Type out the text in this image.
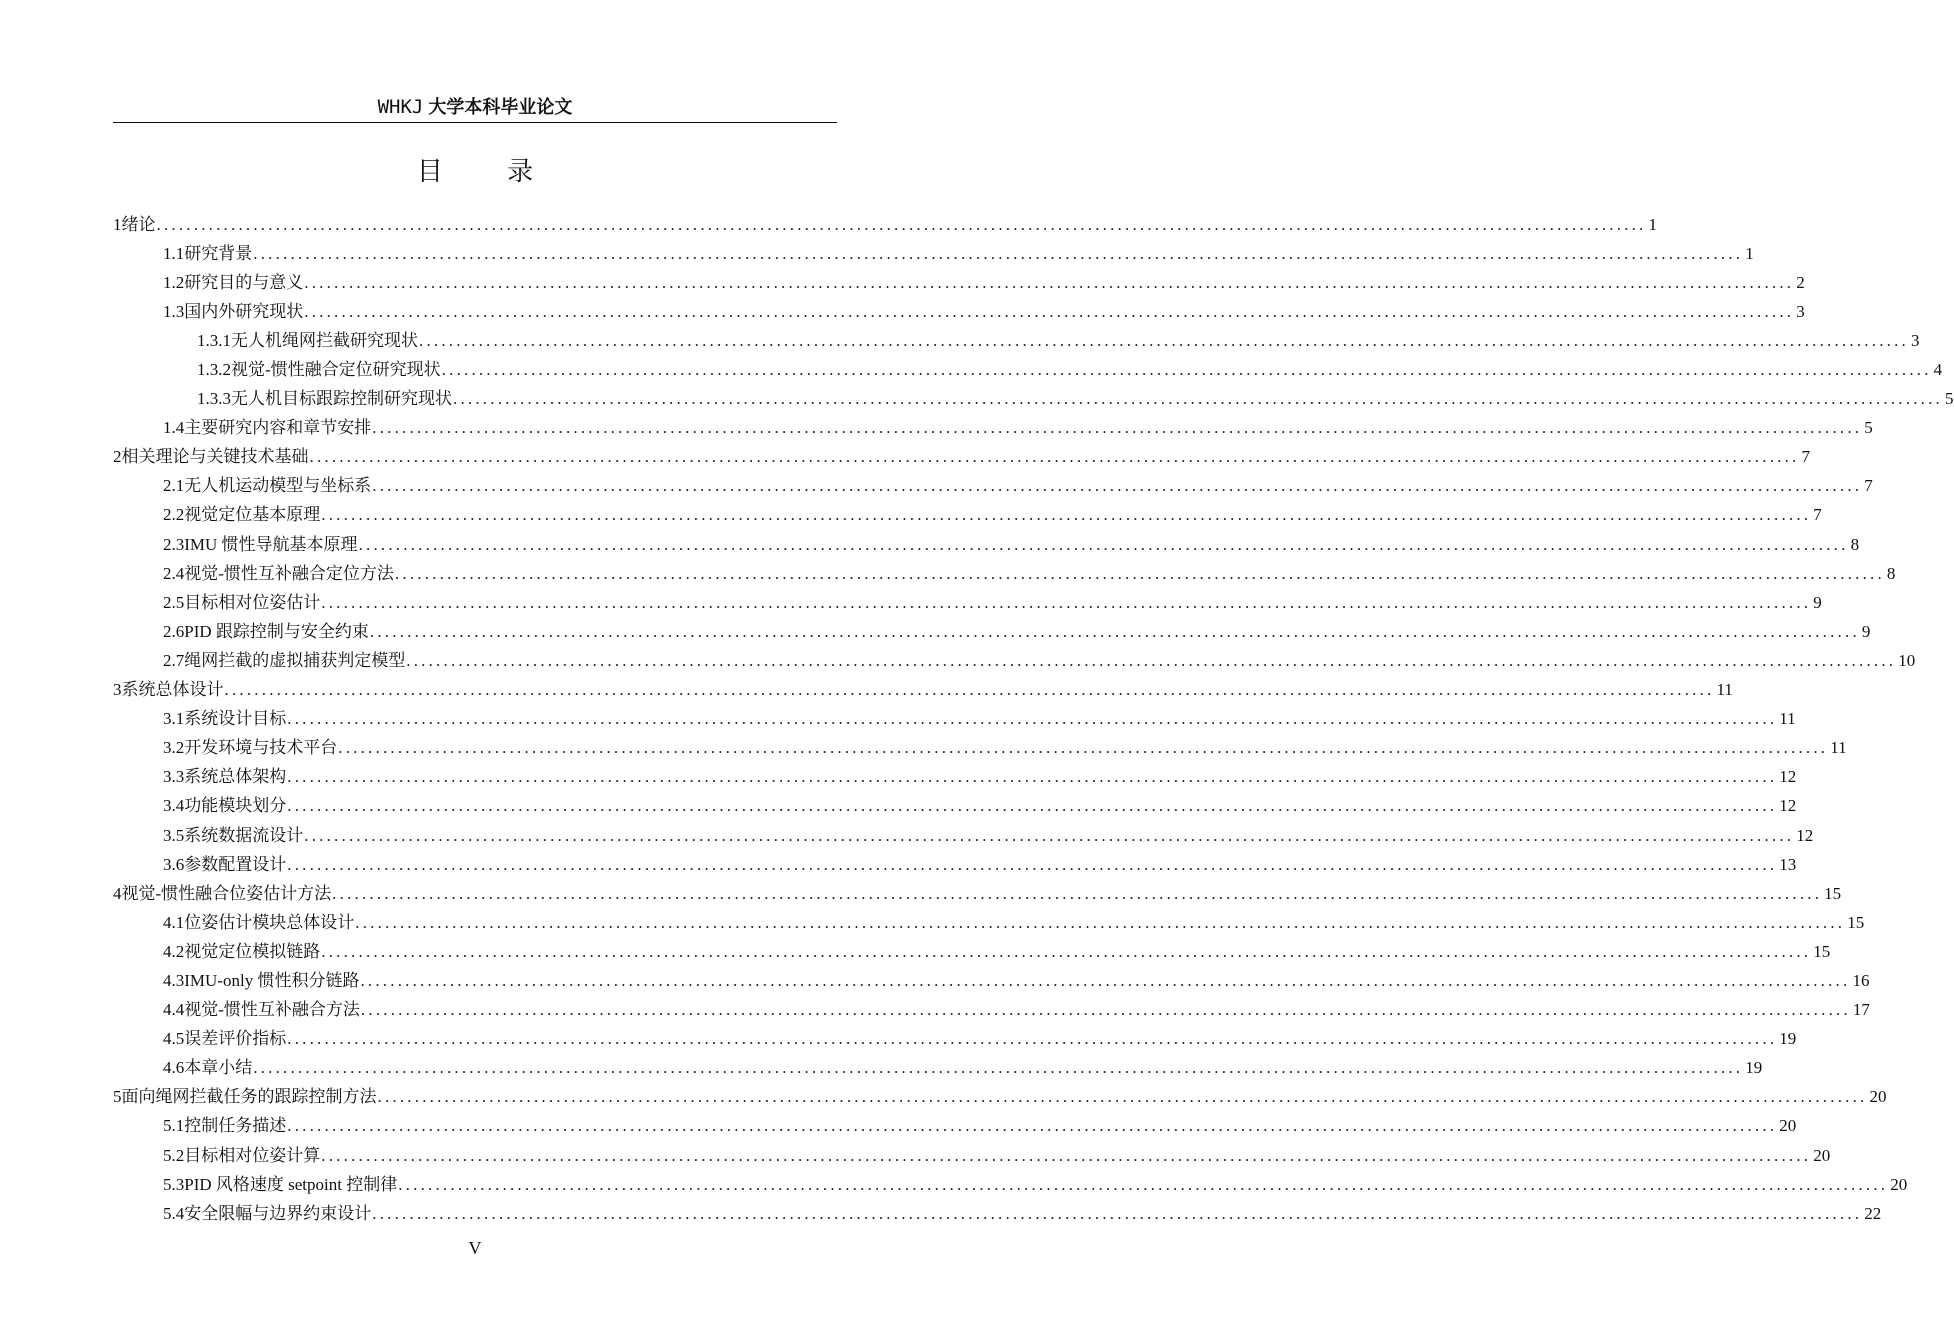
WHKJ 大学本科毕业论文
目 录
1 绪论 ........................................................................................................................................................................................................ 1
1.1 研究背景 ........................................................................................................................................................................................................ 1
1.2 研究目的与意义 ........................................................................................................................................................................................................ 2
1.3 国内外研究现状 ........................................................................................................................................................................................................ 3
1.3.1 无人机绳网拦截研究现状 ........................................................................................................................................................................................................ 3
1.3.2 视觉-惯性融合定位研究现状 ........................................................................................................................................................................................................ 4
1.3.3 无人机目标跟踪控制研究现状 ........................................................................................................................................................................................................ 5
1.4 主要研究内容和章节安排 ........................................................................................................................................................................................................ 5
2 相关理论与关键技术基础 ........................................................................................................................................................................................................ 7
2.1 无人机运动模型与坐标系 ........................................................................................................................................................................................................ 7
2.2 视觉定位基本原理 ........................................................................................................................................................................................................ 7
2.3 IMU 惯性导航基本原理 ........................................................................................................................................................................................................ 8
2.4 视觉-惯性互补融合定位方法 ........................................................................................................................................................................................................ 8
2.5 目标相对位姿估计 ........................................................................................................................................................................................................ 9
2.6 PID 跟踪控制与安全约束 ........................................................................................................................................................................................................ 9
2.7 绳网拦截的虚拟捕获判定模型 ........................................................................................................................................................................................................ 10
3 系统总体设计 ........................................................................................................................................................................................................ 11
3.1 系统设计目标 ........................................................................................................................................................................................................ 11
3.2 开发环境与技术平台 ........................................................................................................................................................................................................ 11
3.3 系统总体架构 ........................................................................................................................................................................................................ 12
3.4 功能模块划分 ........................................................................................................................................................................................................ 12
3.5 系统数据流设计 ........................................................................................................................................................................................................ 12
3.6 参数配置设计 ........................................................................................................................................................................................................ 13
4 视觉-惯性融合位姿估计方法 ........................................................................................................................................................................................................ 15
4.1 位姿估计模块总体设计 ........................................................................................................................................................................................................ 15
4.2 视觉定位模拟链路 ........................................................................................................................................................................................................ 15
4.3 IMU-only 惯性积分链路 ........................................................................................................................................................................................................ 16
4.4 视觉-惯性互补融合方法 ........................................................................................................................................................................................................ 17
4.5 误差评价指标 ........................................................................................................................................................................................................ 19
4.6 本章小结 ........................................................................................................................................................................................................ 19
5 面向绳网拦截任务的跟踪控制方法 ........................................................................................................................................................................................................ 20
5.1 控制任务描述 ........................................................................................................................................................................................................ 20
5.2 目标相对位姿计算 ........................................................................................................................................................................................................ 20
5.3 PID 风格速度 setpoint 控制律 ........................................................................................................................................................................................................ 20
5.4 安全限幅与边界约束设计 ........................................................................................................................................................................................................ 22
V
